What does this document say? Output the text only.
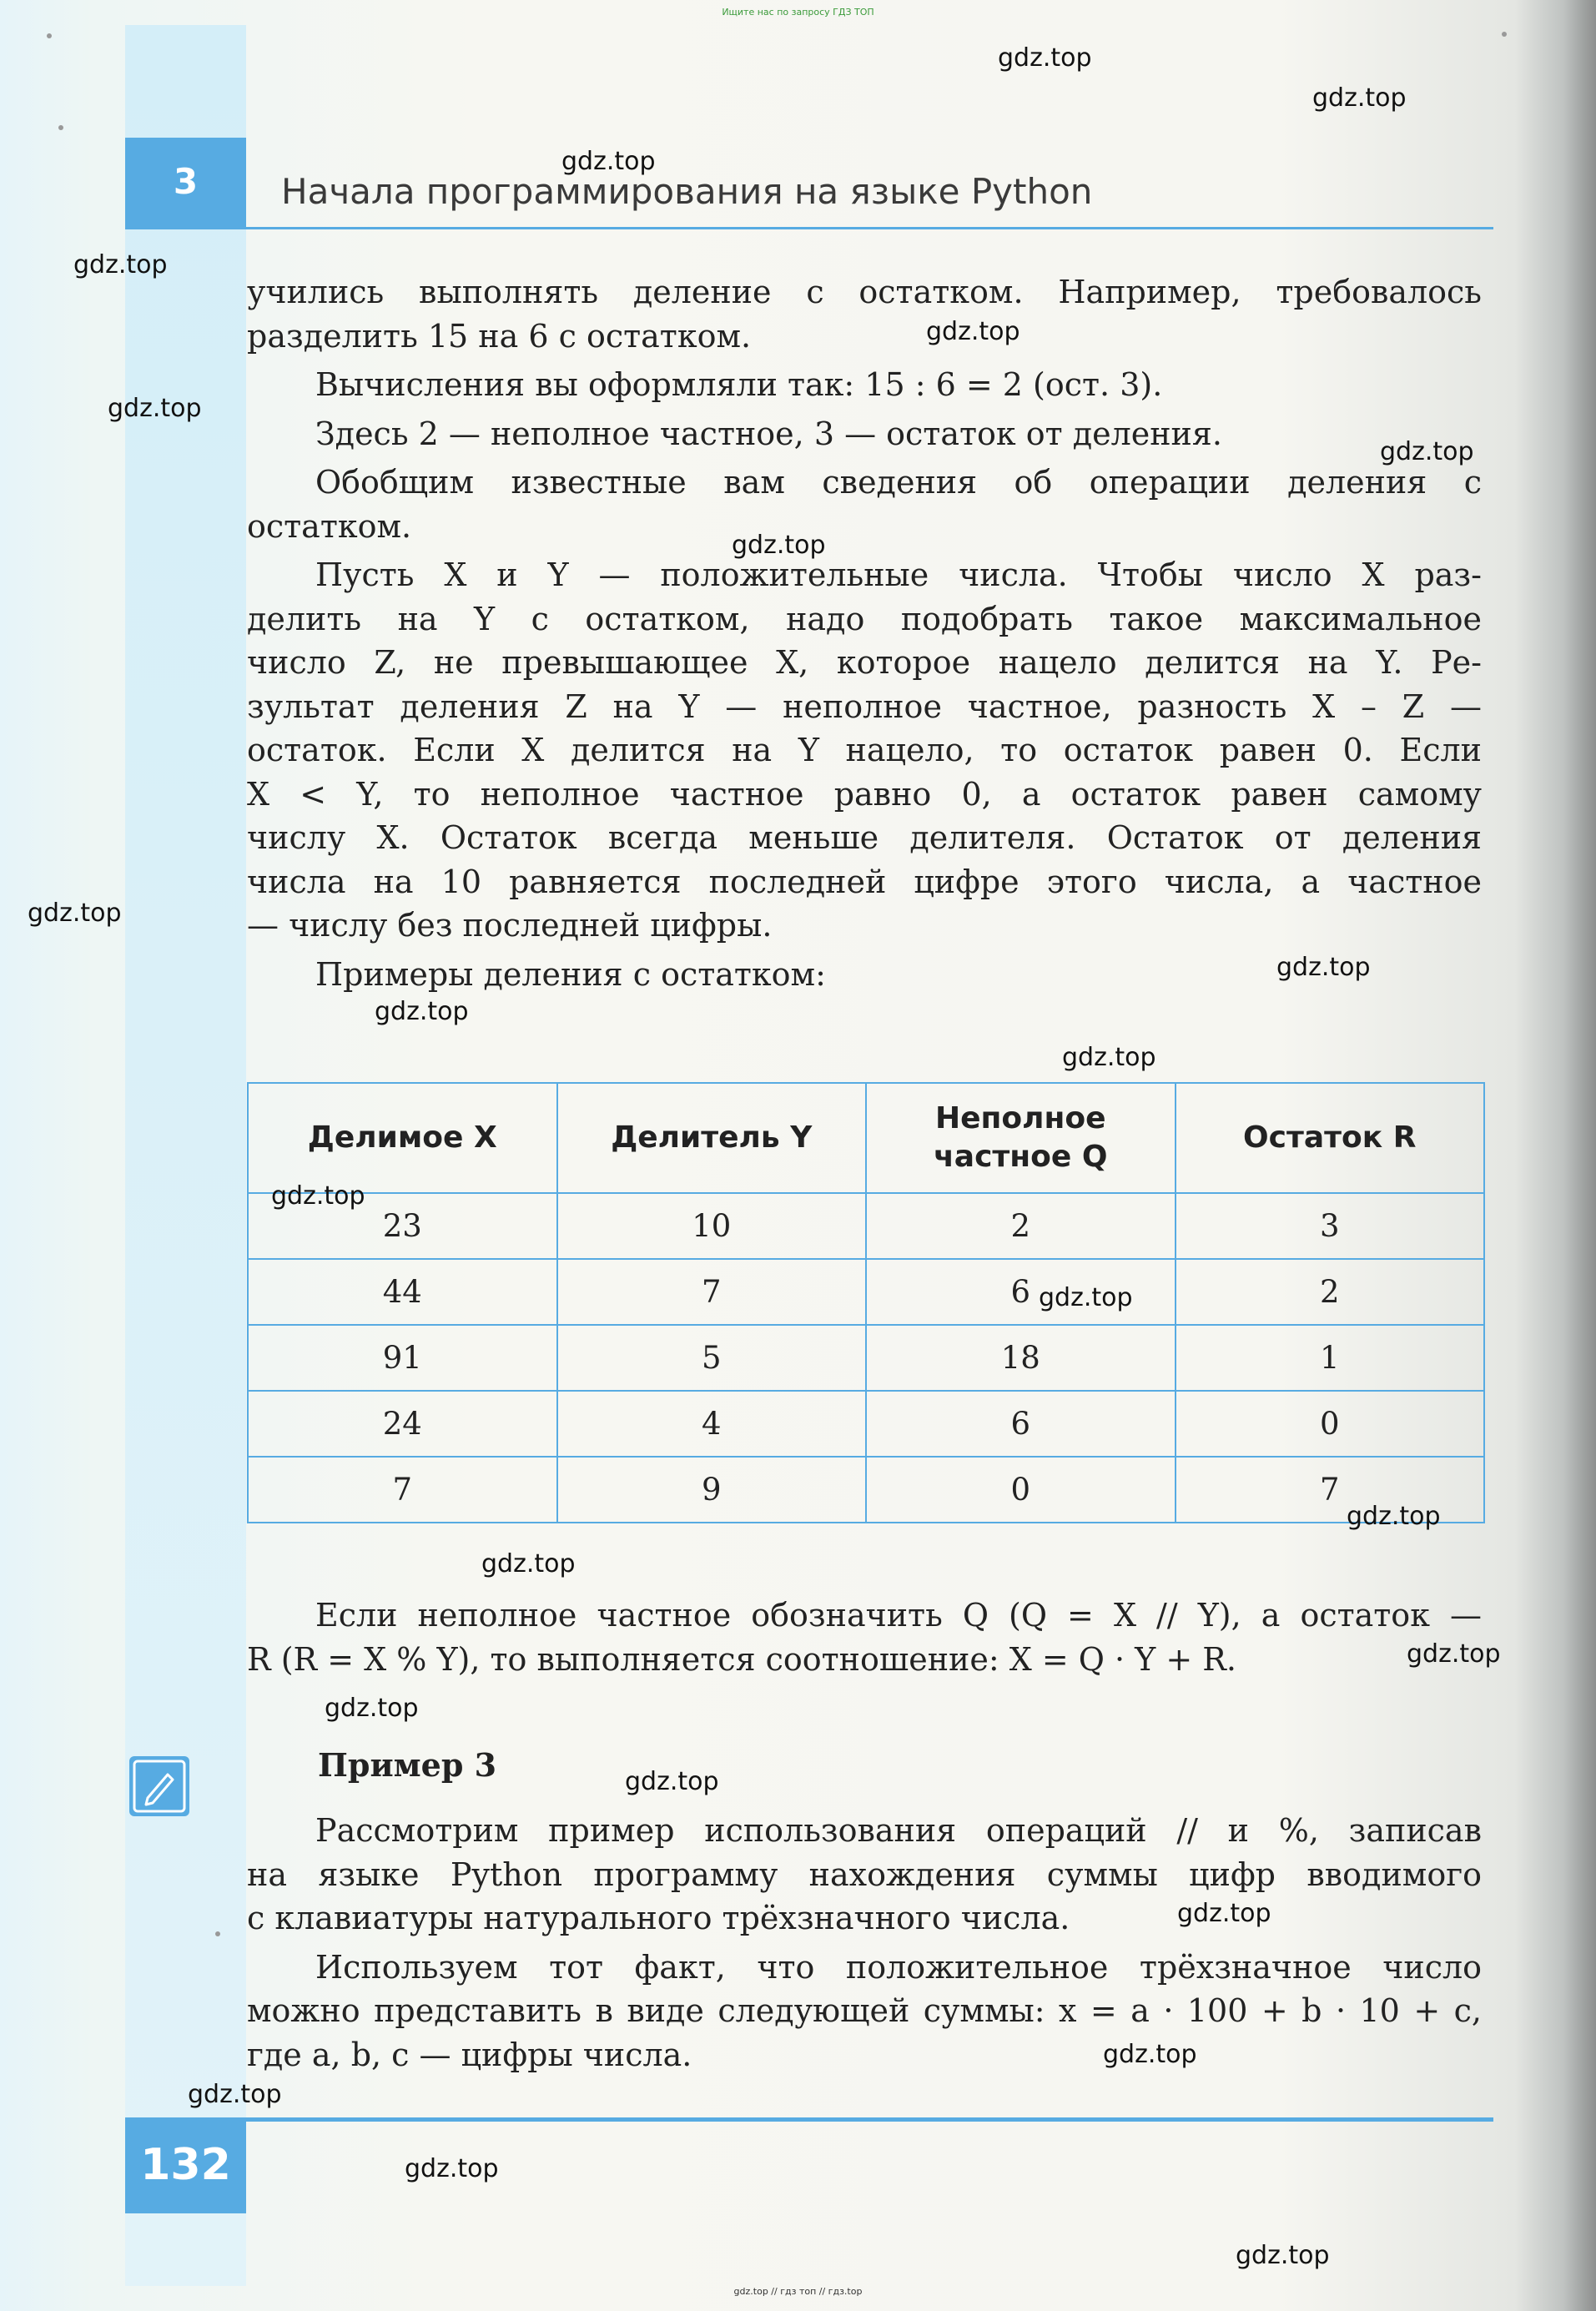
Ищите нас по запросу ГДЗ ТОП
3	Начала программирования на языке Python

учились выполнять деление с остатком. Например, требовалось

разделить 15 на 6 с остатком.

Вычисления вы оформляли так: 15 : 6 = 2 (ост. 3).

Здесь 2 — неполное частное, 3 — остаток от деления.

Обобщим известные вам сведения об операции деления с

остатком.

Пусть X и Y — положительные числа. Чтобы число X раз-

делить на Y с остатком, надо подобрать такое максимальное

число Z, не превышающее X, которое нацело делится на Y. Ре-

зультат деления Z на Y — неполное частное, разность X – Z —

остаток. Если X делится на Y нацело, то остаток равен 0. Если

X < Y, то неполное частное равно 0, а остаток равен самому

числу X. Остаток всегда меньше делителя. Остаток от деления

числа на 10 равняется последней цифре этого числа, а частное

— числу без последней цифры.

Примеры деления с остатком:

Делимое X	Делитель Y	Неполное частное Q	Остаток R
23	10	2	3
44	7	6	2
91	5	18	1
24	4	6	0
7	9	0	7

Если неполное частное обозначить Q (Q = X // Y), а остаток —

R (R = X % Y), то выполняется соотношение: X = Q · Y + R.

Пример 3

Рассмотрим пример использования операций // и %, записав

на языке Python программу нахождения суммы цифр вводимого

с клавиатуры натурального трёхзначного числа.

Используем тот факт, что положительное трёхзначное число

можно представить в виде следующей суммы: x = a · 100 + b · 10 + c,

где a, b, c — цифры числа.

132
gdz.top
gdz.top
gdz.top
gdz.top
gdz.top
gdz.top
gdz.top
gdz.top
gdz.top
gdz.top
gdz.top
gdz.top
gdz.top
gdz.top
gdz.top
gdz.top
gdz.top
gdz.top
gdz.top
gdz.top
gdz.top
gdz.top
gdz.top
gdz.top
gdz.top // гдз топ // гдз.top
